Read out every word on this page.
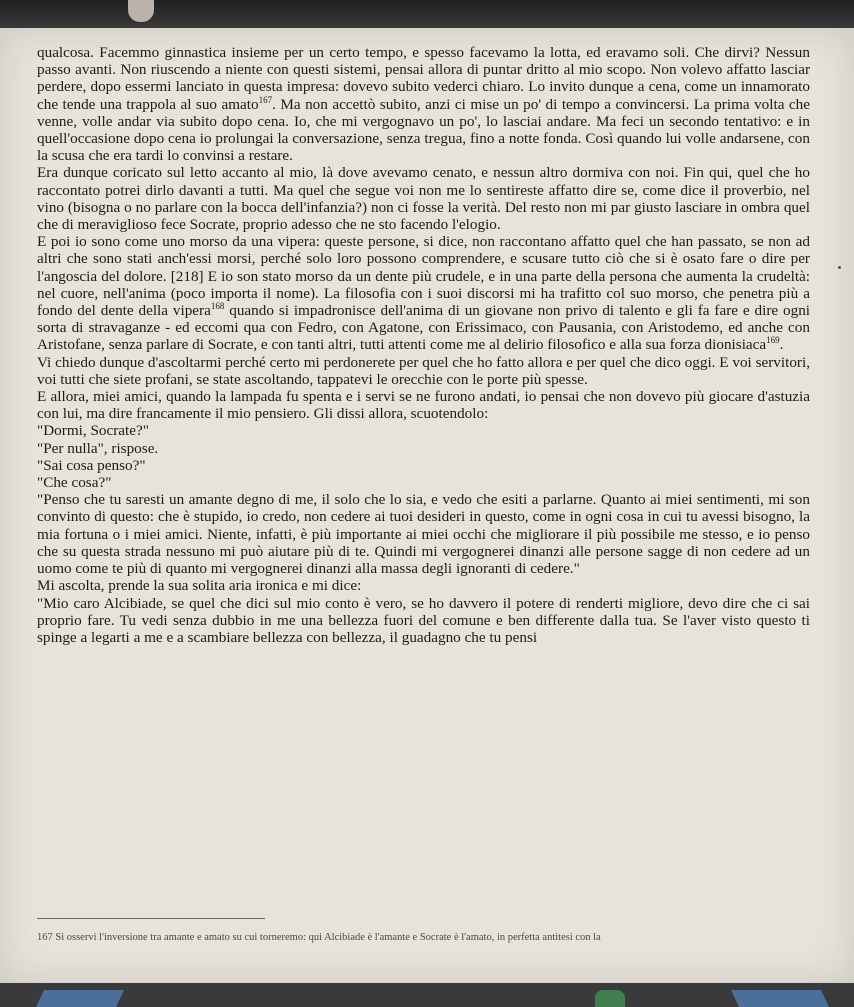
qualcosa. Facemmo ginnastica insieme per un certo tempo, e spesso facevamo la lotta, ed eravamo soli. Che dirvi? Nessun passo avanti. Non riuscendo a niente con questi sistemi, pensai allora di puntar dritto al mio scopo. Non volevo affatto lasciar perdere, dopo essermi lanciato in questa impresa: dovevo subito vederci chiaro. Lo invito dunque a cena, come un innamorato che tende una trappola al suo amato$^{167}$. Ma non accettò subito, anzi ci mise un po' di tempo a convincersi. La prima volta che venne, volle andar via subito dopo cena. Io, che mi vergognavo un po', lo lasciai andare. Ma feci un secondo tentativo: e in quell'occasione dopo cena io prolungai la conversazione, senza tregua, fino a notte fonda. Così quando lui volle andarsene, con la scusa che era tardi lo convinsi a restare.

Era dunque coricato sul letto accanto al mio, là dove avevamo cenato, e nessun altro dormiva con noi. Fin qui, quel che ho raccontato potrei dirlo davanti a tutti. Ma quel che segue voi non me lo sentireste affatto dire se, come dice il proverbio, nel vino (bisogna o no parlare con la bocca dell'infanzia?) non ci fosse la verità. Del resto non mi par giusto lasciare in ombra quel che di meraviglioso fece Socrate, proprio adesso che ne sto facendo l'elogio.

E poi io sono come uno morso da una vipera: queste persone, si dice, non raccontano affatto quel che han passato, se non ad altri che sono stati anch'essi morsi, perché solo loro possono comprendere, e scusare tutto ciò che si è osato fare o dire per l'angoscia del dolore. [218] E io son stato morso da un dente più crudele, e in una parte della persona che aumenta la crudeltà: nel cuore, nell'anima (poco importa il nome). La filosofia con i suoi discorsi mi ha trafitto col suo morso, che penetra più a fondo del dente della vipera$^{168}$ quando si impadronisce dell'anima di un giovane non privo di talento e gli fa fare e dire ogni sorta di stravaganze - ed eccomi qua con Fedro, con Agatone, con Erissimaco, con Pausania, con Aristodemo, ed anche con Aristofane, senza parlare di Socrate, e con tanti altri, tutti attenti come me al delirio filosofico e alla sua forza dionisiaca$^{169}$.

Vi chiedo dunque d'ascoltarmi perché certo mi perdonerete per quel che ho fatto allora e per quel che dico oggi. E voi servitori, voi tutti che siete profani, se state ascoltando, tappatevi le orecchie con le porte più spesse.

E allora, miei amici, quando la lampada fu spenta e i servi se ne furono andati, io pensai che non dovevo più giocare d'astuzia con lui, ma dire francamente il mio pensiero. Gli dissi allora, scuotendolo:

"Dormi, Socrate?"

"Per nulla", rispose.

"Sai cosa penso?"

"Che cosa?"

"Penso che tu saresti un amante degno di me, il solo che lo sia, e vedo che esiti a parlarne. Quanto ai miei sentimenti, mi son convinto di questo: che è stupido, io credo, non cedere ai tuoi desideri in questo, come in ogni cosa in cui tu avessi bisogno, la mia fortuna o i miei amici. Niente, infatti, è più importante ai miei occhi che migliorare il più possibile me stesso, e io penso che su questa strada nessuno mi può aiutare più di te. Quindi mi vergognerei dinanzi alle persone sagge di non cedere ad un uomo come te più di quanto mi vergognerei dinanzi alla massa degli ignoranti di cedere."

Mi ascolta, prende la sua solita aria ironica e mi dice:

"Mio caro Alcibiade, se quel che dici sul mio conto è vero, se ho davvero il potere di renderti migliore, devo dire che ci sai proprio fare. Tu vedi senza dubbio in me una bellezza fuori del comune e ben differente dalla tua. Se l'aver visto questo ti spinge a legarti a me e a scambiare bellezza con bellezza, il guadagno che tu pensi

167 Si osservi l'inversione tra amante e amato su cui torneremo: qui Alcibiade è l'amante e Socrate è l'amato, in perfetta antitesi con la
